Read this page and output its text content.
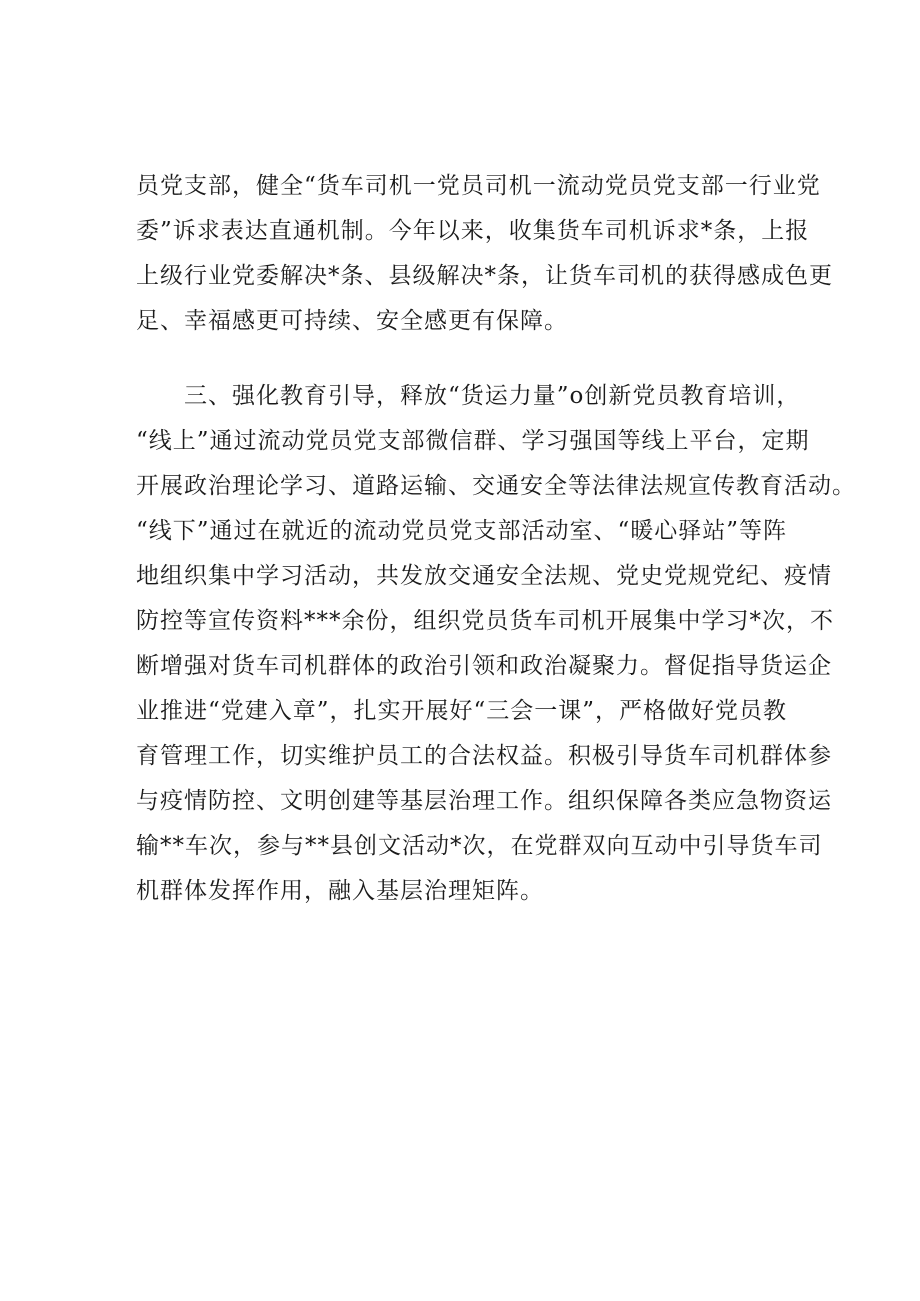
员党支部，健全“货车司机一党员司机一流动党员党支部一行业党
委”诉求表达直通机制。今年以来，收集货车司机诉求*条，上报
上级行业党委解决*条、县级解决*条，让货车司机的获得感成色更
足、幸福感更可持续、安全感更有保障。
　　三、强化教育引导，释放“货运力量”o创新党员教育培训，
“线上”通过流动党员党支部微信群、学习强国等线上平台，定期
开展政治理论学习、道路运输、交通安全等法律法规宣传教育活动。
“线下”通过在就近的流动党员党支部活动室、“暖心驿站”等阵
地组织集中学习活动，共发放交通安全法规、党史党规党纪、疫情
防控等宣传资料***余份，组织党员货车司机开展集中学习*次，不
断增强对货车司机群体的政治引领和政治凝聚力。督促指导货运企
业推进“党建入章”，扎实开展好“三会一课”，严格做好党员教
育管理工作，切实维护员工的合法权益。积极引导货车司机群体参
与疫情防控、文明创建等基层治理工作。组织保障各类应急物资运
输**车次，参与**县创文活动*次，在党群双向互动中引导货车司
机群体发挥作用，融入基层治理矩阵。
